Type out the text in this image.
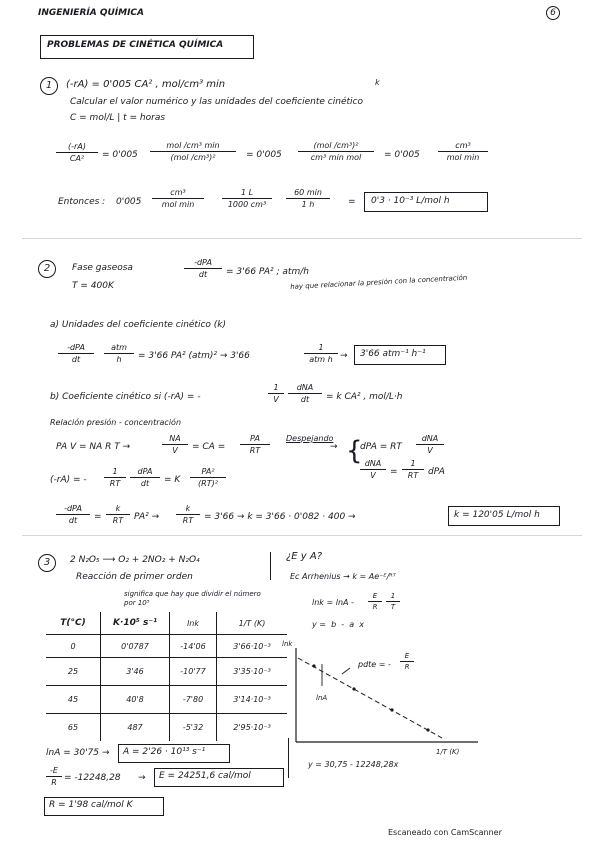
INGENIERÍA QUÍMICA	6
PROBLEMAS DE CINÉTICA QUÍMICA
1	(-rA) = 0'005 CA² , mol/cm³ min	k
Calcular el valor numérico y las unidades del coeficiente cinético
C = mol/L | t = horas
$\frac{(-rA)}{\text{CA²}} = 0'005$
mol /cm³ min
(mol /cm³)²	= 0'005
(mol /cm³)²
cm³ min mol	= 0'005
cm³
mol min
Entonces : 0'005
cm³
mol min	$\frac{1 L}{\text{1000 cm³}}$	60 min
1 h	= 0'3 · 10⁻³ L/mol h
2	Fase gaseosa
T = 400K
-dPA
dt	= 3'66 PA² ; atm/h
hay que relacionar la presión con la concentración
a) Unidades del coeficiente cinético (k)
-dPA
dt
atm
h	= 3'66 PA² (atm)² → 3'66
1
atm h → 3'66 atm⁻¹ h⁻¹
b) Coeficiente cinético si (-rA) = -	$\frac{1}{V}$	dNA
dt	= k CA² , mol/L·h
Relación presión - concentración
PA V = NA R T →	$\frac{NA}{V}$ = CA = $\frac{PA}{RT}$ Despejando
→ {
dPA = RT
dNA
V
dNA
V	= $\frac{1}{RT}$ dPA
(-rA) = - $\frac{1}{RT}$	dPA
dt	= K $\frac{\text{PA²}}{\text{(RT)²}}$
-dPA
dt	= $\frac{k}{RT} PA^2 \to \frac{k}{RT} = 3'66 \to k = 3'66 \cdot 0'082 \cdot 400$ →	k = 120'05 L/mol h
3	2 N₂O₅ ⟶ O₂ + 2NO₂ + N₂O₄
Reacción de primer orden
significa que hay que dividir el número por 10⁵
¿E y A?
Ec Arrhenius → k = Ae⁻ᴱ/ᴿᵀ
$\ln k = \ln A - \frac{E}{R} \frac{1}{T}$
y =  b  -  a  x
T(°C)	K·10⁵ s⁻¹	lnk	1/T (K)
0	0'0787	-14'06	3'66·10⁻³
25	3'46	-10'77	3'35·10⁻³
45	40'8	-7'80	3'14·10⁻³
65	487	-5'32	2'95·10⁻³
lnk
lnA
pdte = - $\frac{E}{R}$
1/T (K)
y = 30,75 - 12248,28x
lnA = 30'75 → A = 2'26 · 10¹³ s⁻¹
$\frac{-E}{R} = -12248,28 \to E = 24251,6$ cal/mol
R = 1'98 cal/mol K
Escaneado con CamScanner
